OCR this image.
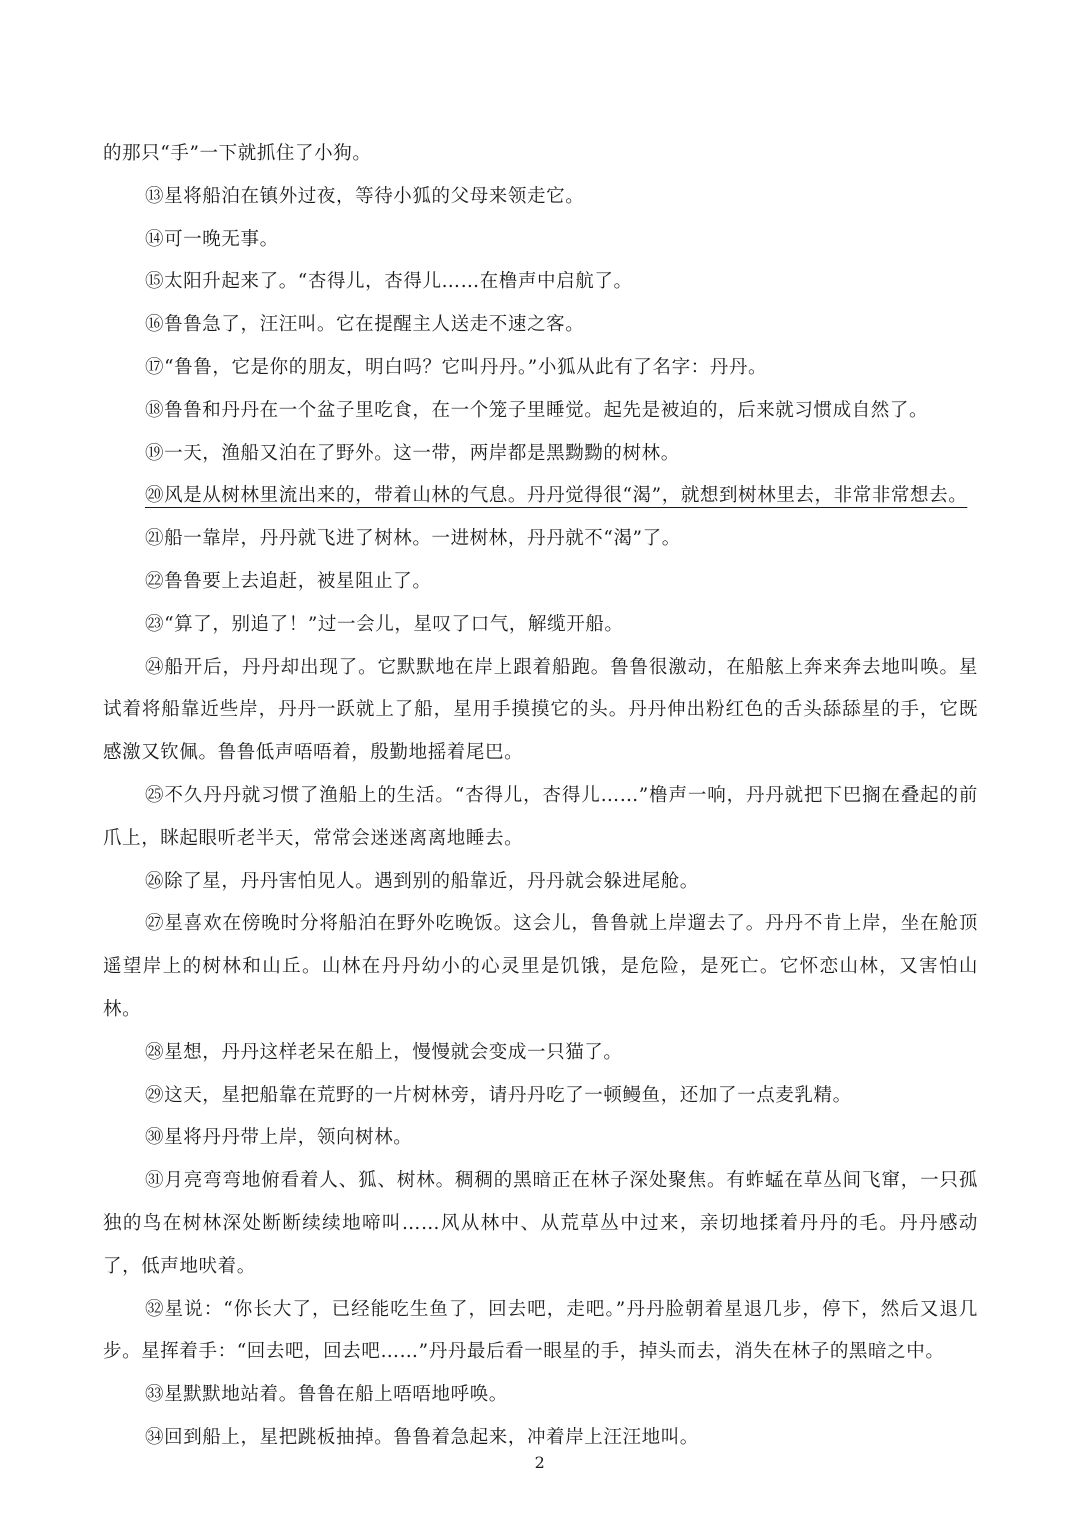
的那只“手”一下就抓住了小狗。

⑬星将船泊在镇外过夜，等待小狐的父母来领走它。

⑭可一晚无事。

⑮太阳升起来了。“杏得儿，杏得儿……在橹声中启航了。

⑯鲁鲁急了，汪汪叫。它在提醒主人送走不速之客。

⑰“鲁鲁，它是你的朋友，明白吗？它叫丹丹。”小狐从此有了名字：丹丹。

⑱鲁鲁和丹丹在一个盆子里吃食，在一个笼子里睡觉。起先是被迫的，后来就习惯成自然了。

⑲一天，渔船又泊在了野外。这一带，两岸都是黑黝黝的树林。

⑳风是从树林里流出来的，带着山林的气息。丹丹觉得很“渴”，就想到树林里去，非常非常想去。

㉑船一靠岸，丹丹就飞进了树林。一进树林，丹丹就不“渴”了。

㉒鲁鲁要上去追赶，被星阻止了。

㉓“算了，别追了！”过一会儿，星叹了口气，解缆开船。

㉔船开后，丹丹却出现了。它默默地在岸上跟着船跑。鲁鲁很激动，在船舷上奔来奔去地叫唤。星试着将船靠近些岸，丹丹一跃就上了船，星用手摸摸它的头。丹丹伸出粉红色的舌头舔舔星的手，它既感激又钦佩。鲁鲁低声唔唔着，殷勤地摇着尾巴。

㉕不久丹丹就习惯了渔船上的生活。“杏得儿，杏得儿……”橹声一响，丹丹就把下巴搁在叠起的前爪上，眯起眼听老半天，常常会迷迷离离地睡去。

㉖除了星，丹丹害怕见人。遇到别的船靠近，丹丹就会躲进尾舱。

㉗星喜欢在傍晚时分将船泊在野外吃晚饭。这会儿，鲁鲁就上岸遛去了。丹丹不肯上岸，坐在舱顶遥望岸上的树林和山丘。山林在丹丹幼小的心灵里是饥饿，是危险，是死亡。它怀恋山林，又害怕山林。

㉘星想，丹丹这样老呆在船上，慢慢就会变成一只猫了。

㉙这天，星把船靠在荒野的一片树林旁，请丹丹吃了一顿鳗鱼，还加了一点麦乳精。

㉚星将丹丹带上岸，领向树林。

㉛月亮弯弯地俯看着人、狐、树林。稠稠的黑暗正在林子深处聚焦。有蚱蜢在草丛间飞窜，一只孤独的鸟在树林深处断断续续地啼叫……风从林中、从荒草丛中过来，亲切地揉着丹丹的毛。丹丹感动了，低声地吠着。

㉜星说：“你长大了，已经能吃生鱼了，回去吧，走吧。”丹丹脸朝着星退几步，停下，然后又退几步。星挥着手：“回去吧，回去吧……”丹丹最后看一眼星的手，掉头而去，消失在林子的黑暗之中。

㉝星默默地站着。鲁鲁在船上唔唔地呼唤。

㉞回到船上，星把跳板抽掉。鲁鲁着急起来，冲着岸上汪汪地叫。

2
